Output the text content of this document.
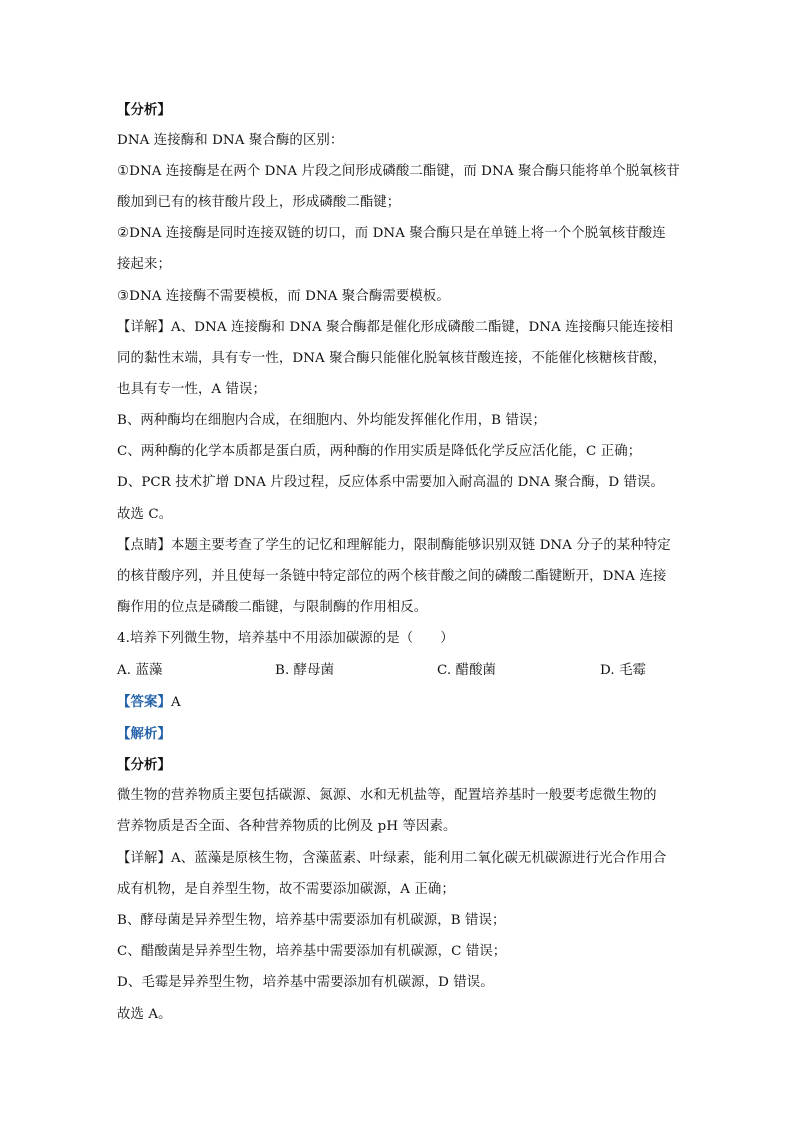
【分析】
DNA 连接酶和 DNA 聚合酶的区别：
①DNA 连接酶是在两个 DNA 片段之间形成磷酸二酯键，而 DNA 聚合酶只能将单个脱氧核苷
酸加到已有的核苷酸片段上，形成磷酸二酯键；
②DNA 连接酶是同时连接双链的切口，而 DNA 聚合酶只是在单链上将一个个脱氧核苷酸连
接起来；
③DNA 连接酶不需要模板，而 DNA 聚合酶需要模板。
【详解】A、DNA 连接酶和 DNA 聚合酶都是催化形成磷酸二酯键，DNA 连接酶只能连接相
同的黏性末端，具有专一性，DNA 聚合酶只能催化脱氧核苷酸连接，不能催化核糖核苷酸，
也具有专一性，A 错误；
B、两种酶均在细胞内合成，在细胞内、外均能发挥催化作用，B 错误；
C、两种酶的化学本质都是蛋白质，两种酶的作用实质是降低化学反应活化能，C 正确；
D、PCR 技术扩增 DNA 片段过程，反应体系中需要加入耐高温的 DNA 聚合酶，D 错误。
故选 C。
【点睛】本题主要考查了学生的记忆和理解能力，限制酶能够识别双链 DNA 分子的某种特定
的核苷酸序列，并且使每一条链中特定部位的两个核苷酸之间的磷酸二酯键断开，DNA 连接
酶作用的位点是磷酸二酯键，与限制酶的作用相反。
4.培养下列微生物，培养基中不用添加碳源的是（　　）
A. 蓝藻	B. 酵母菌	C. 醋酸菌	D. 毛霉
【答案】A
【解析】
【分析】
微生物的营养物质主要包括碳源、氮源、水和无机盐等，配置培养基时一般要考虑微生物的
营养物质是否全面、各种营养物质的比例及 pH 等因素。
【详解】A、蓝藻是原核生物，含藻蓝素、叶绿素，能利用二氧化碳无机碳源进行光合作用合
成有机物，是自养型生物，故不需要添加碳源，A 正确；
B、酵母菌是异养型生物，培养基中需要添加有机碳源，B 错误；
C、醋酸菌是异养型生物，培养基中需要添加有机碳源，C 错误；
D、毛霉是异养型生物，培养基中需要添加有机碳源，D 错误。
故选 A。
